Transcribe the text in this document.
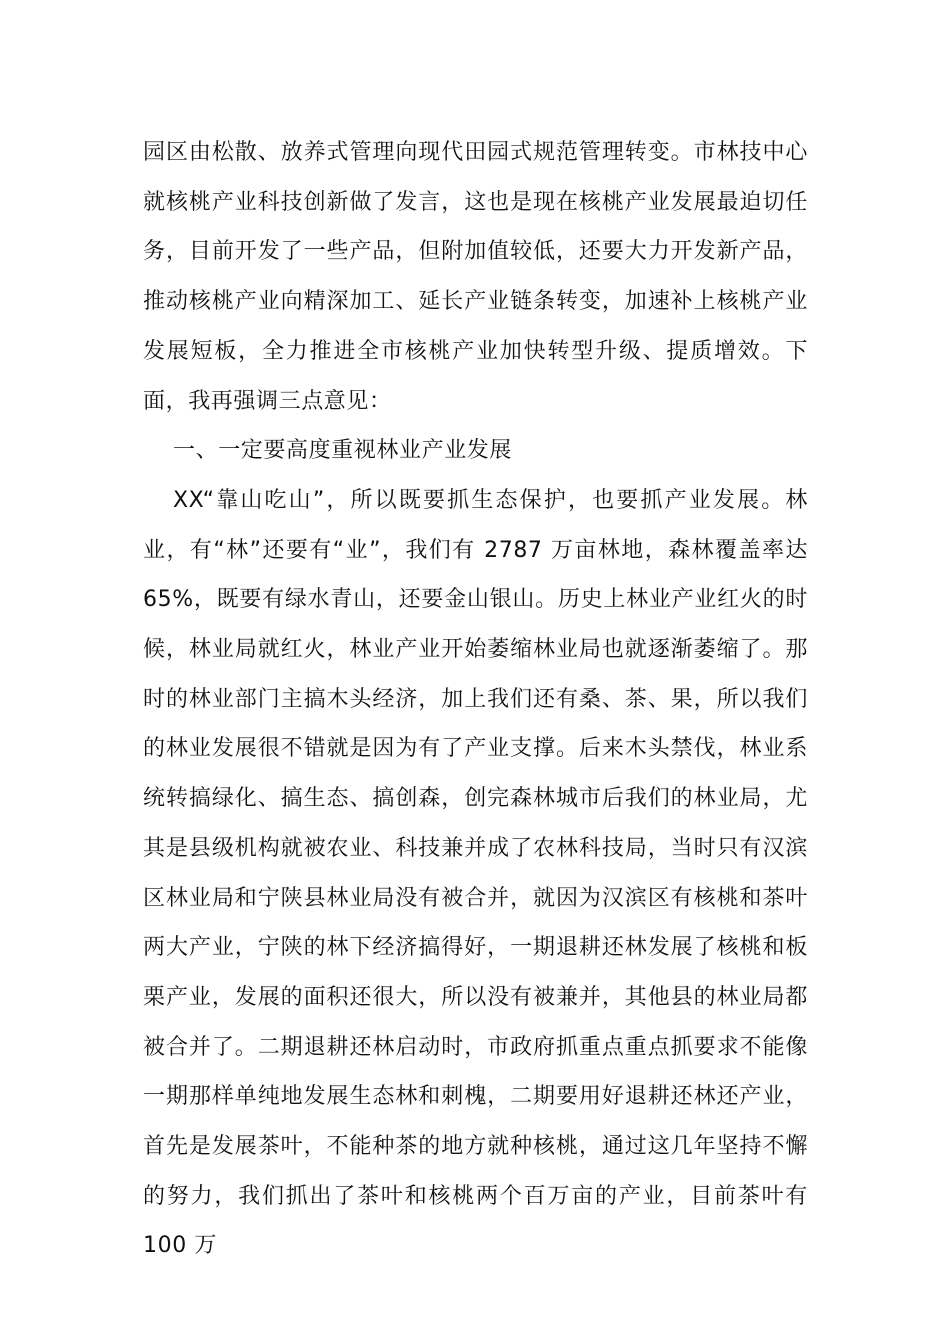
园区由松散、放养式管理向现代田园式规范管理转变。市林技中心就核桃产业科技创新做了发言，这也是现在核桃产业发展最迫切任务，目前开发了一些产品，但附加值较低，还要大力开发新产品，推动核桃产业向精深加工、延长产业链条转变，加速补上核桃产业发展短板，全力推进全市核桃产业加快转型升级、提质增效。下面，我再强调三点意见：

一、一定要高度重视林业产业发展

XX“靠山吃山”，所以既要抓生态保护，也要抓产业发展。林业，有“林”还要有“业”，我们有 2787 万亩林地，森林覆盖率达 65%，既要有绿水青山，还要金山银山。历史上林业产业红火的时候，林业局就红火，林业产业开始萎缩林业局也就逐渐萎缩了。那时的林业部门主搞木头经济，加上我们还有桑、茶、果，所以我们的林业发展很不错就是因为有了产业支撑。后来木头禁伐，林业系统转搞绿化、搞生态、搞创森，创完森林城市后我们的林业局，尤其是县级机构就被农业、科技兼并成了农林科技局，当时只有汉滨区林业局和宁陕县林业局没有被合并，就因为汉滨区有核桃和茶叶两大产业，宁陕的林下经济搞得好，一期退耕还林发展了核桃和板栗产业，发展的面积还很大，所以没有被兼并，其他县的林业局都被合并了。二期退耕还林启动时，市政府抓重点重点抓要求不能像一期那样单纯地发展生态林和刺槐，二期要用好退耕还林还产业，首先是发展茶叶，不能种茶的地方就种核桃，通过这几年坚持不懈的努力，我们抓出了茶叶和核桃两个百万亩的产业，目前茶叶有 100 万
